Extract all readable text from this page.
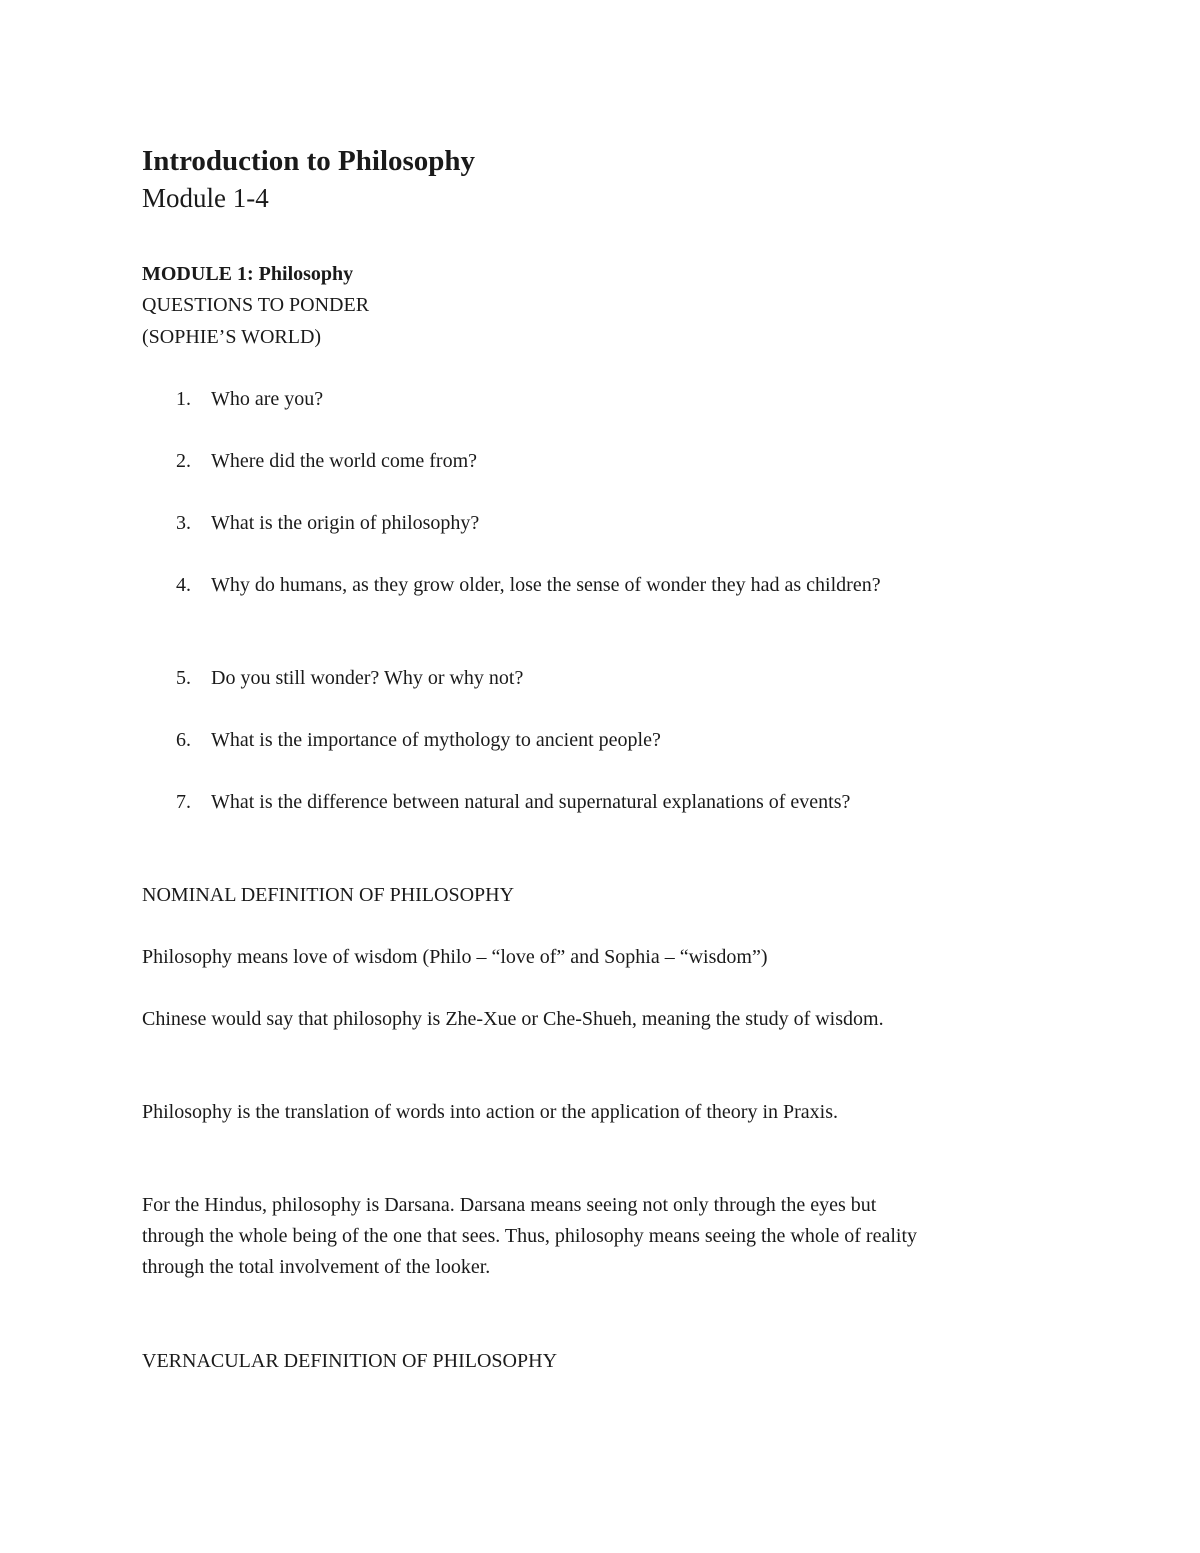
Introduction to Philosophy
Module 1-4
MODULE 1: Philosophy
QUESTIONS TO PONDER
(SOPHIE’S WORLD)
1. Who are you?
2. Where did the world come from?
3. What is the origin of philosophy?
4. Why do humans, as they grow older, lose the sense of wonder they had as children?
5. Do you still wonder? Why or why not?
6. What is the importance of mythology to ancient people?
7. What is the difference between natural and supernatural explanations of events?
NOMINAL DEFINITION OF PHILOSOPHY

Philosophy means love of wisdom (Philo – “love of” and Sophia – “wisdom”)

Chinese would say that philosophy is Zhe-Xue or Che-Shueh, meaning the study of wisdom.

Philosophy is the translation of words into action or the application of theory in Praxis.

For the Hindus, philosophy is Darsana. Darsana means seeing not only through the eyes but through the whole being of the one that sees. Thus, philosophy means seeing the whole of reality through the total involvement of the looker.

VERNACULAR DEFINITION OF PHILOSOPHY
